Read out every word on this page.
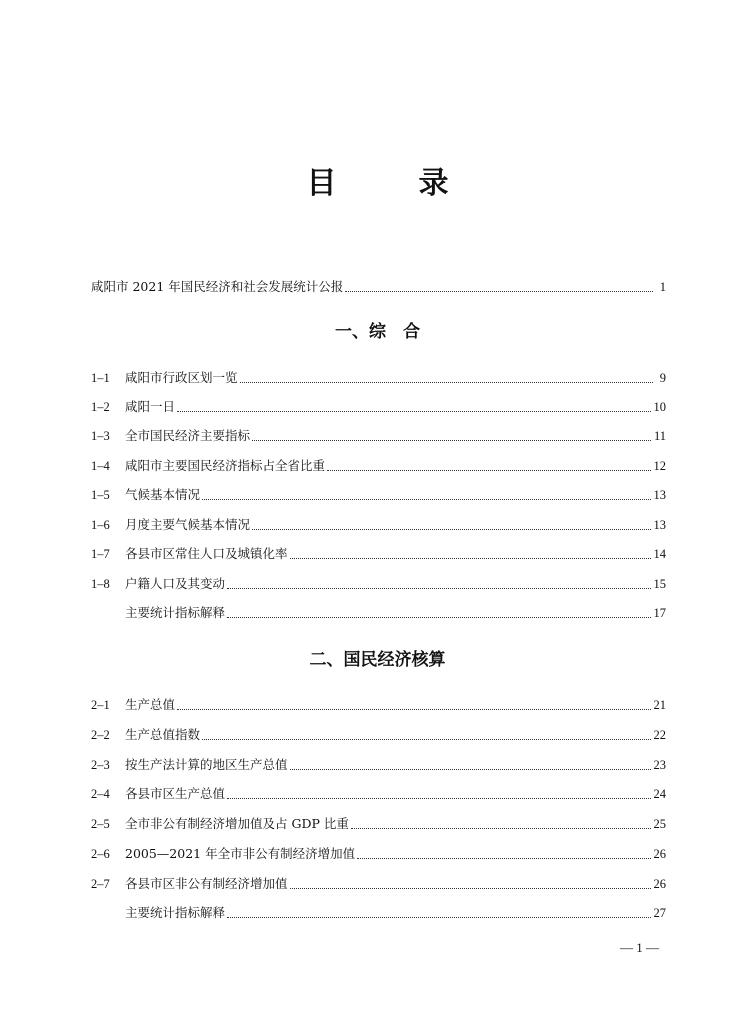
目　录
咸阳市 2021 年国民经济和社会发展统计公报	1
一、综　合
1–1	咸阳市行政区划一览	9
1–2	咸阳一日	10
1–3	全市国民经济主要指标	11
1–4	咸阳市主要国民经济指标占全省比重	12
1–5	气候基本情况	13
1–6	月度主要气候基本情况	13
1–7	各县市区常住人口及城镇化率	14
1–8	户籍人口及其变动	15
主要统计指标解释	17
二、国民经济核算
2–1	生产总值	21
2–2	生产总值指数	22
2–3	按生产法计算的地区生产总值	23
2–4	各县市区生产总值	24
2–5	全市非公有制经济增加值及占 GDP 比重	25
2–6	2005—2021 年全市非公有制经济增加值	26
2–7	各县市区非公有制经济增加值	26
主要统计指标解释	27
— 1 —
